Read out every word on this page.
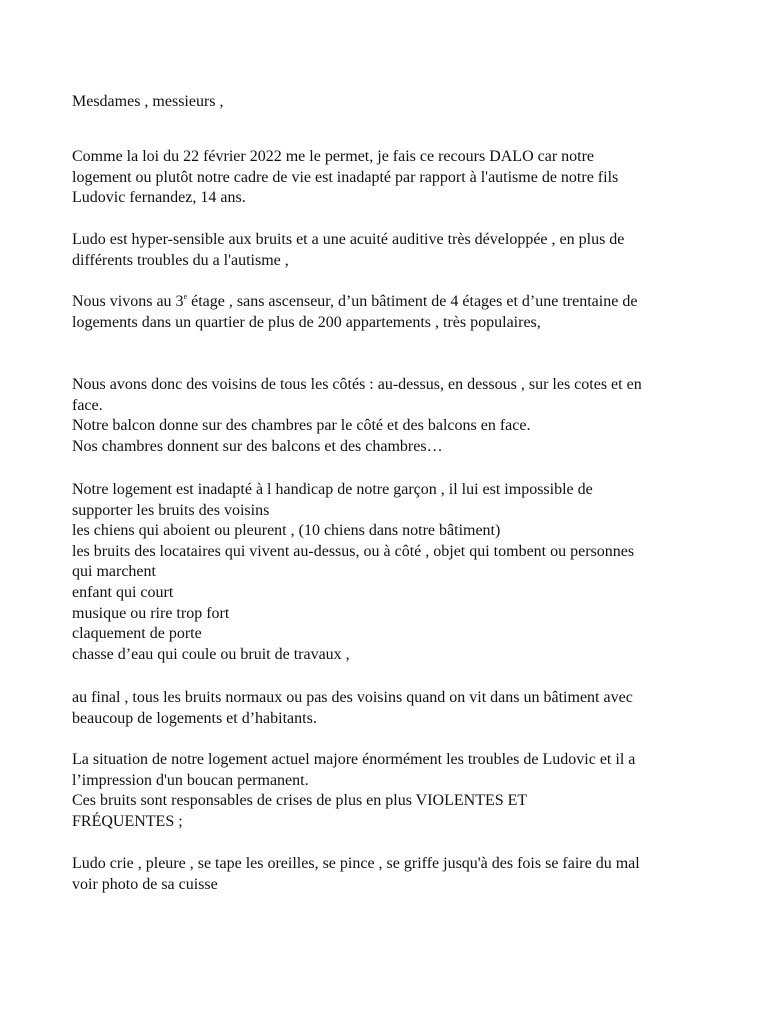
Mesdames , messieurs ,
Comme la loi du 22 février 2022 me le permet, je fais ce recours DALO car notre
logement ou plutôt notre cadre de vie est inadapté par rapport à l'autisme de notre fils
Ludovic fernandez, 14 ans.
Ludo est hyper-sensible aux bruits et a une acuité auditive très développée , en plus de
différents troubles du a l'autisme ,
Nous vivons au 3e étage , sans ascenseur, d’un bâtiment de 4 étages et d’une trentaine de
logements dans un quartier de plus de 200 appartements , très populaires,
Nous avons donc des voisins de tous les côtés : au-dessus, en dessous , sur les cotes et en
face.
Notre balcon donne sur des chambres par le côté et des balcons en face.
Nos chambres donnent sur des balcons et des chambres…
Notre logement est inadapté à l handicap de notre garçon , il lui est impossible de
supporter les bruits des voisins
les chiens qui aboient ou pleurent , (10 chiens dans notre bâtiment)
les bruits des locataires qui vivent au-dessus, ou à côté , objet qui tombent ou personnes
qui marchent
enfant qui court
musique ou rire trop fort
claquement de porte
chasse d’eau qui coule ou bruit de travaux ,
au final , tous les bruits normaux ou pas des voisins quand on vit dans un bâtiment avec
beaucoup de logements et d’habitants.
La situation de notre logement actuel majore énormément les troubles de Ludovic et il a
l’impression d'un boucan permanent.
Ces bruits sont responsables de crises de plus en plus VIOLENTES ET
FRÉQUENTES ;
Ludo crie , pleure , se tape les oreilles, se pince , se griffe jusqu'à des fois se faire du mal
voir photo de sa cuisse
